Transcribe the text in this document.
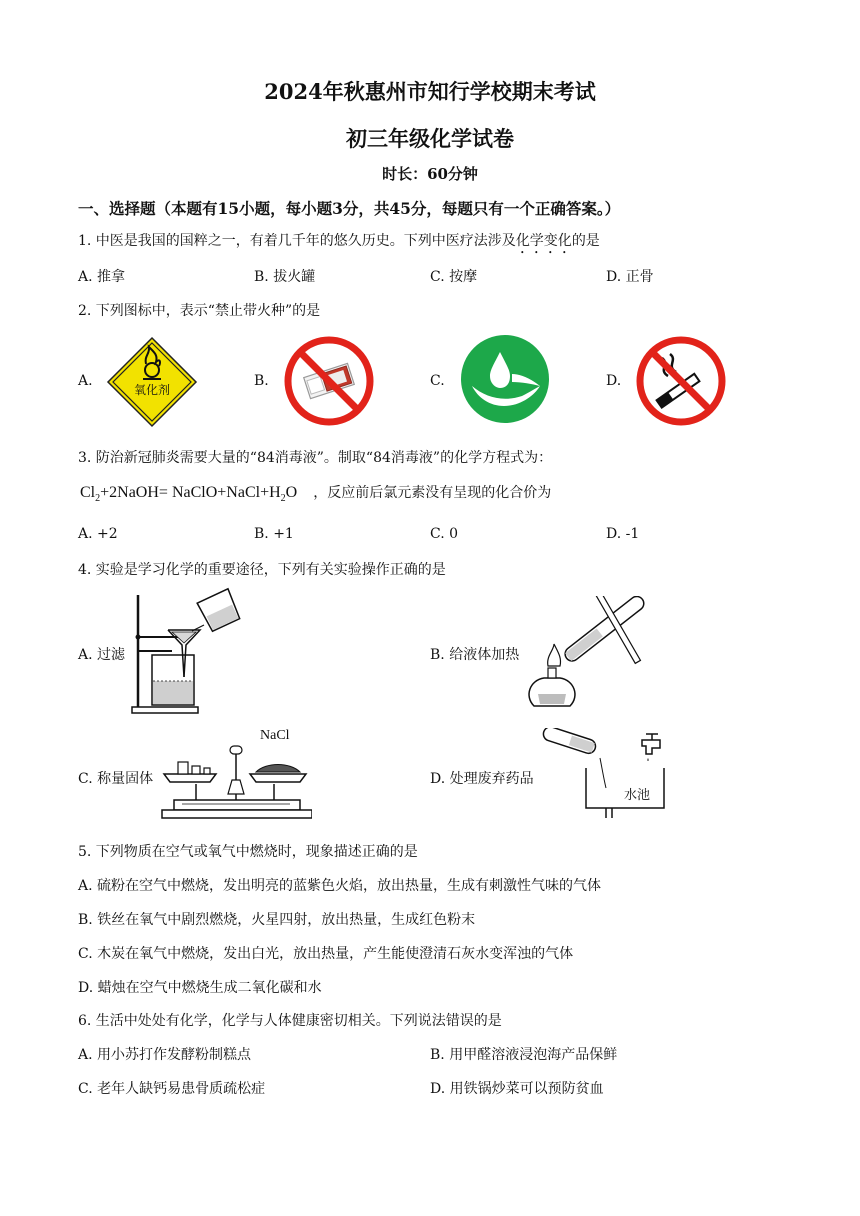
2024年秋惠州市知行学校期末考试
初三年级化学试卷
时长：60分钟
一、选择题（本题有15小题，每小题3分，共45分，每题只有一个正确答案。）
1. 中医是我国的国粹之一，有着几千年的悠久历史。下列中医疗法涉及化学变化的是
A. 推拿	B. 拔火罐	C. 按摩	D. 正骨
2. 下列图标中，表示“禁止带火种”的是
A.	B.	C.	D.
氧化剂
3. 防治新冠肺炎需要大量的“84消毒液”。制取“84消毒液”的化学方程式为：
$Cl_2+2NaOH=$ $NaClO+NaCl+H_2O$ ，反应前后氯元素没有呈现的化合价为
A. +2	B. +1	C. 0	D. -1
4. 实验是学习化学的重要途径，下列有关实验操作正确的是
A. 过滤	B. 给液体加热
C. 称量固体	D. 处理废弃药品
NaCl
水池
5. 下列物质在空气或氧气中燃烧时，现象描述正确的是
A. 硫粉在空气中燃烧，发出明亮的蓝紫色火焰，放出热量，生成有刺激性气味的气体
B. 铁丝在氧气中剧烈燃烧，火星四射，放出热量，生成红色粉末
C. 木炭在氧气中燃烧，发出白光，放出热量，产生能使澄清石灰水变浑浊的气体
D. 蜡烛在空气中燃烧生成二氧化碳和水
6. 生活中处处有化学，化学与人体健康密切相关。下列说法错误的是
A. 用小苏打作发酵粉制糕点	B. 用甲醛溶液浸泡海产品保鲜
C. 老年人缺钙易患骨质疏松症	D. 用铁锅炒菜可以预防贫血
